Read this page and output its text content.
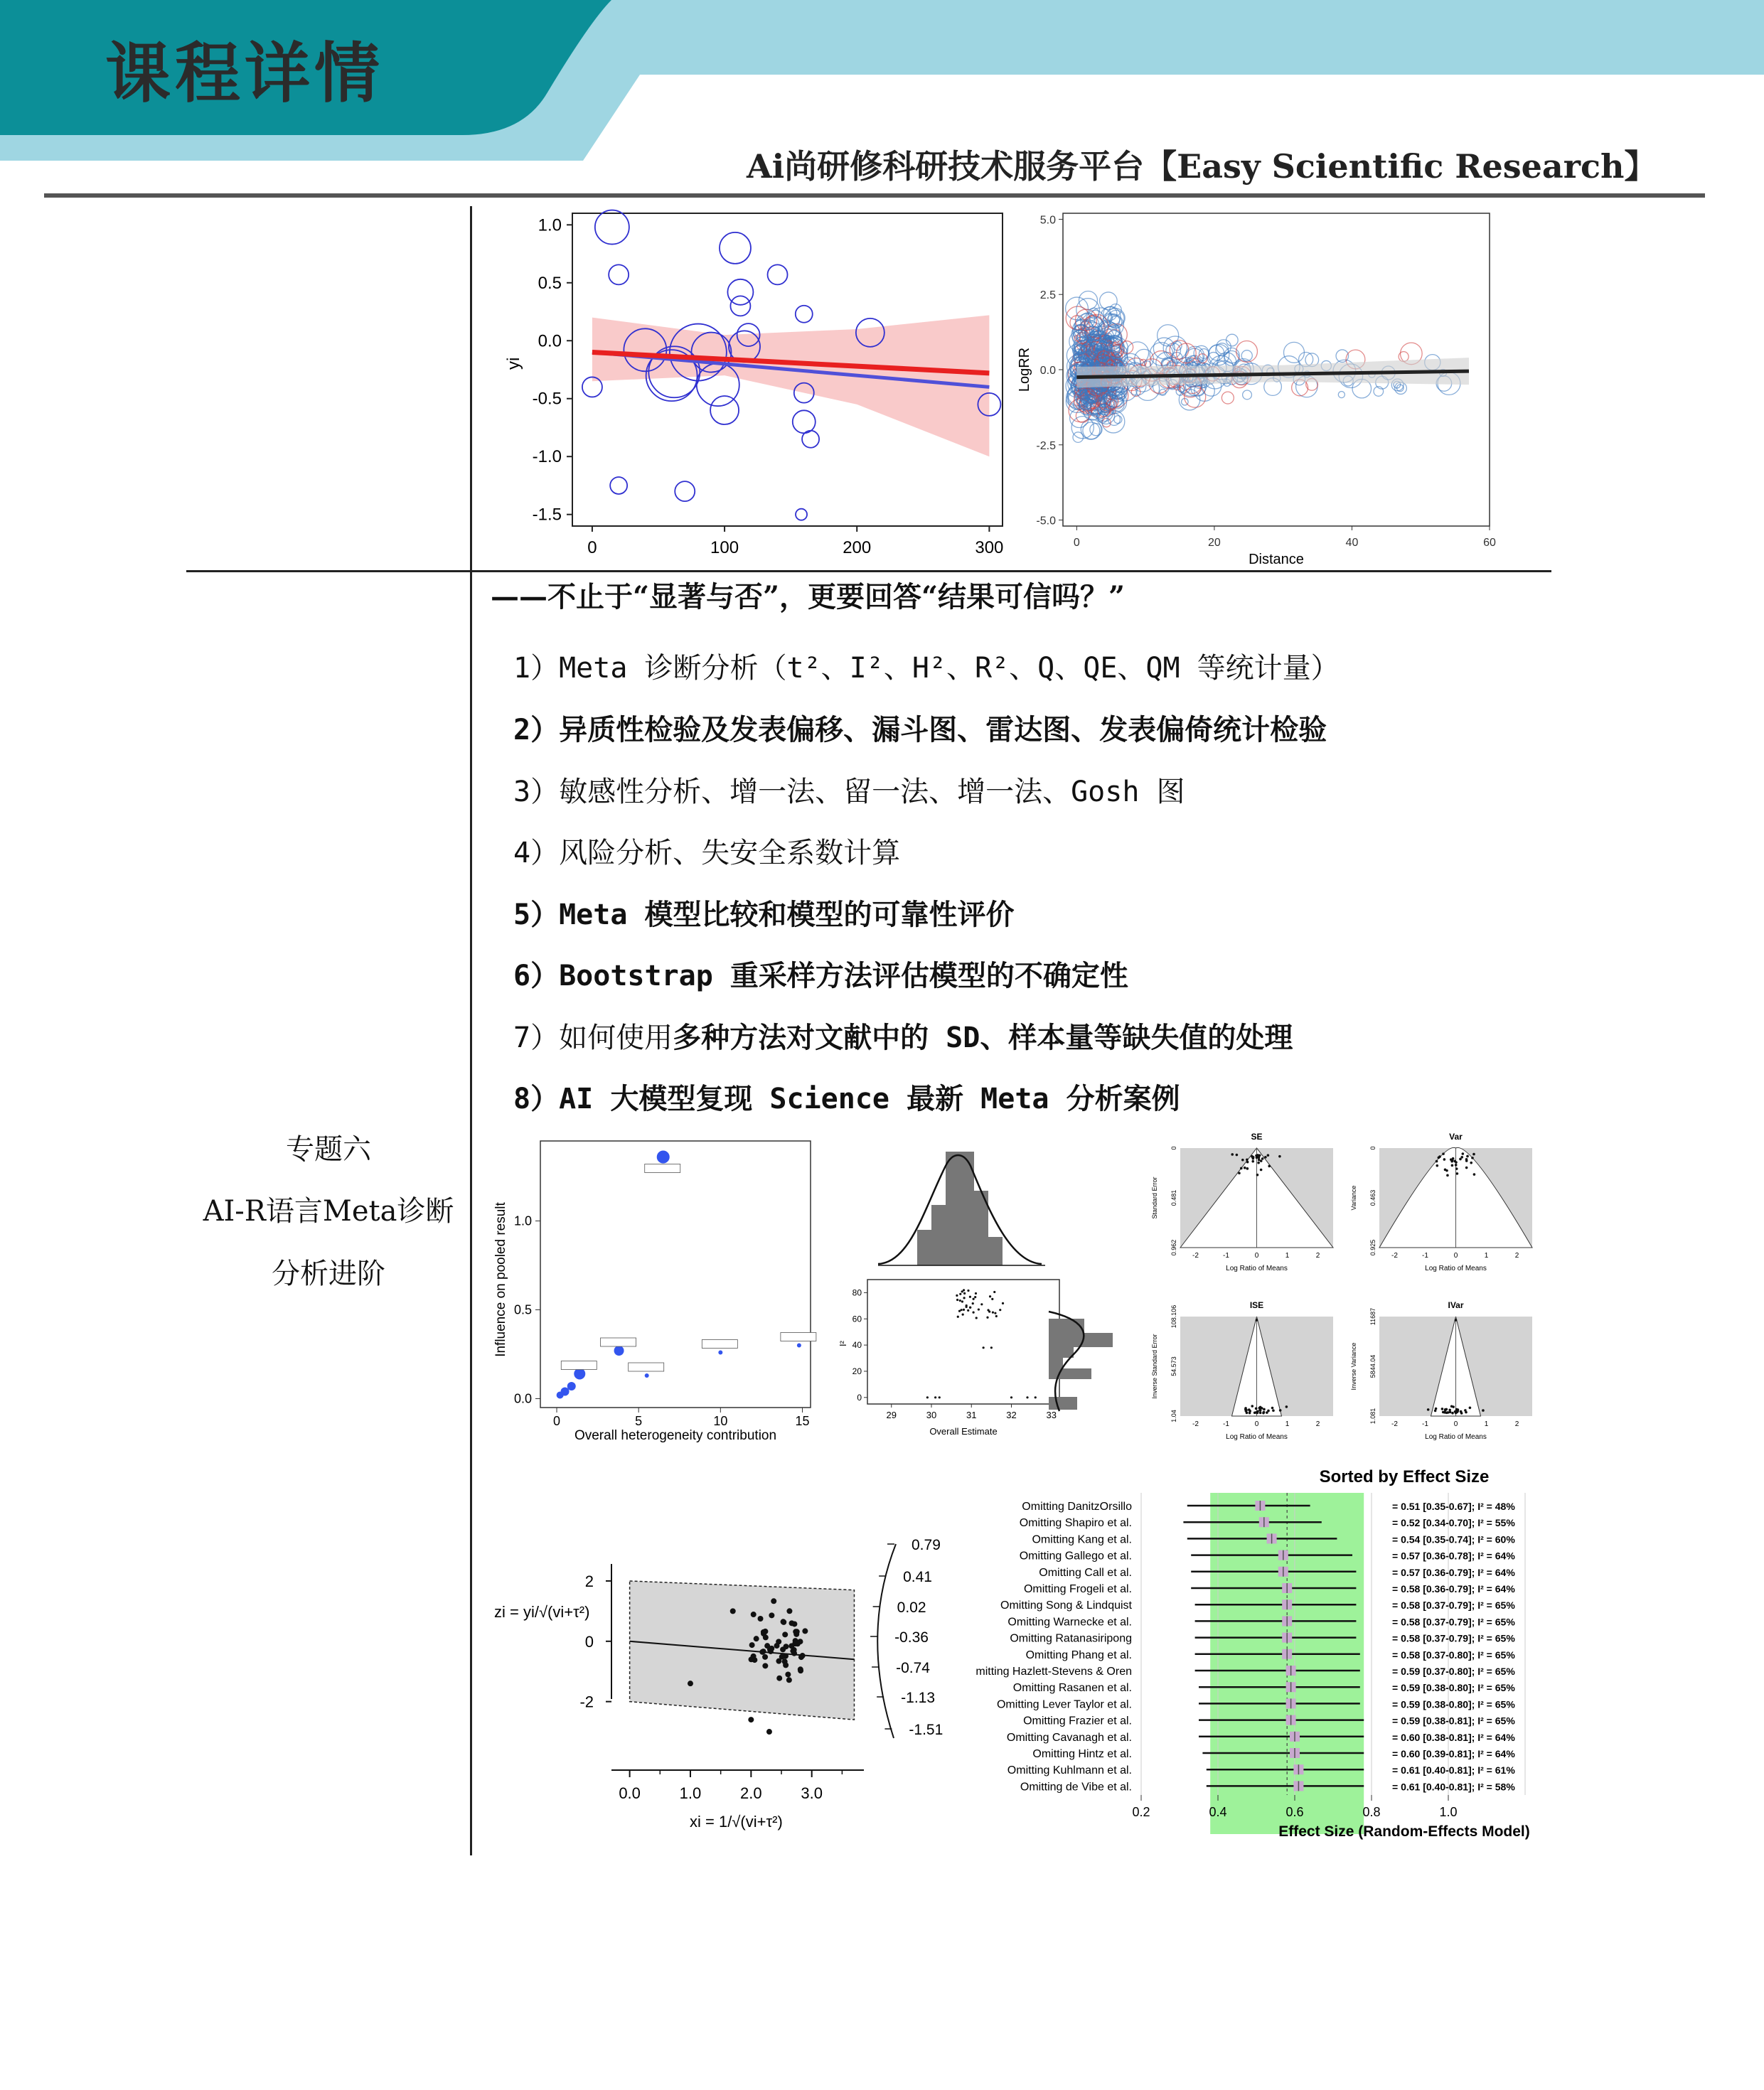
课程详情
Ai尚研修科研技术服务平台【Easy Scientific Research】
专题六
AI-R语言Meta诊断
分析进阶
——不止于“显著与否”，更要回答“结果可信吗？”
1）Meta 诊断分析（t²、I²、H²、R²、Q、QE、QM 等统计量）
2）异质性检验及发表偏移、漏斗图、雷达图、发表偏倚统计检验
3）敏感性分析、增一法、留一法、增一法、Gosh 图
4）风险分析、失安全系数计算
5）Meta 模型比较和模型的可靠性评价
6）Bootstrap 重采样方法评估模型的不确定性
7）如何使用多种方法对文献中的 SD、样本量等缺失值的处理
8）AI 大模型复现 Science 最新 Meta 分析案例
0	100	200	300
1.0
0.5
0.0
-0.5
-1.0
-1.5
yi
0	20	40	60
5.0
2.5
0.0
-2.5
-5.0
Distance
LogRR
0	5	10	15
0.0
0.5
1.0
Overall heterogeneity contribution
Influence on pooled result
29	30	31	32	33
0
20
40
60
80
Overall Estimate
I²
SE
-2	-1	0	1	2
0
0.481
0.962
Log Ratio of Means
Standard Error
Var
-2	-1	0	1	2
0
0.463
0.925
Log Ratio of Means
Variance
ISE
-2	-1	0	1	2
1.04
54.573
108.106
Log Ratio of Means
Inverse Standard Error
IVar
-2	-1	0	1	2
1.081
5844.04
11687
Log Ratio of Means
Inverse Variance
0.0 1.0 2.0 3.0
2
0
-2
0.79
0.41
0.02
-0.36
-0.74
-1.13
-1.51
zi = yi/√(vi+τ²)
xi = 1/√(vi+τ²)
Sorted by Effect Size
Omitting DanitzOrsillo	= 0.51 [0.35-0.67]; I² = 48%
Omitting Shapiro et al.	= 0.52 [0.34-0.70]; I² = 55%
Omitting Kang et al.	= 0.54 [0.35-0.74]; I² = 60%
Omitting Gallego et al.	= 0.57 [0.36-0.78]; I² = 64%
Omitting Call et al.	= 0.57 [0.36-0.79]; I² = 64%
Omitting Frogeli et al.	= 0.58 [0.36-0.79]; I² = 64%
Omitting Song & Lindquist	= 0.58 [0.37-0.79]; I² = 65%
Omitting Warnecke et al.	= 0.58 [0.37-0.79]; I² = 65%
Omitting Ratanasiripong	= 0.58 [0.37-0.79]; I² = 65%
Omitting Phang et al.	= 0.58 [0.37-0.80]; I² = 65%
mitting Hazlett-Stevens & Oren	= 0.59 [0.37-0.80]; I² = 65%
Omitting Rasanen et al.	= 0.59 [0.38-0.80]; I² = 65%
Omitting Lever Taylor et al.	= 0.59 [0.38-0.80]; I² = 65%
Omitting Frazier et al.	= 0.59 [0.38-0.81]; I² = 65%
Omitting Cavanagh et al.	= 0.60 [0.38-0.81]; I² = 64%
Omitting Hintz et al.	= 0.60 [0.39-0.81]; I² = 64%
Omitting Kuhlmann et al.	= 0.61 [0.40-0.81]; I² = 61%
Omitting de Vibe et al.	= 0.61 [0.40-0.81]; I² = 58%
0.2	0.4	0.6	0.8	1.0
Effect Size (Random-Effects Model)
